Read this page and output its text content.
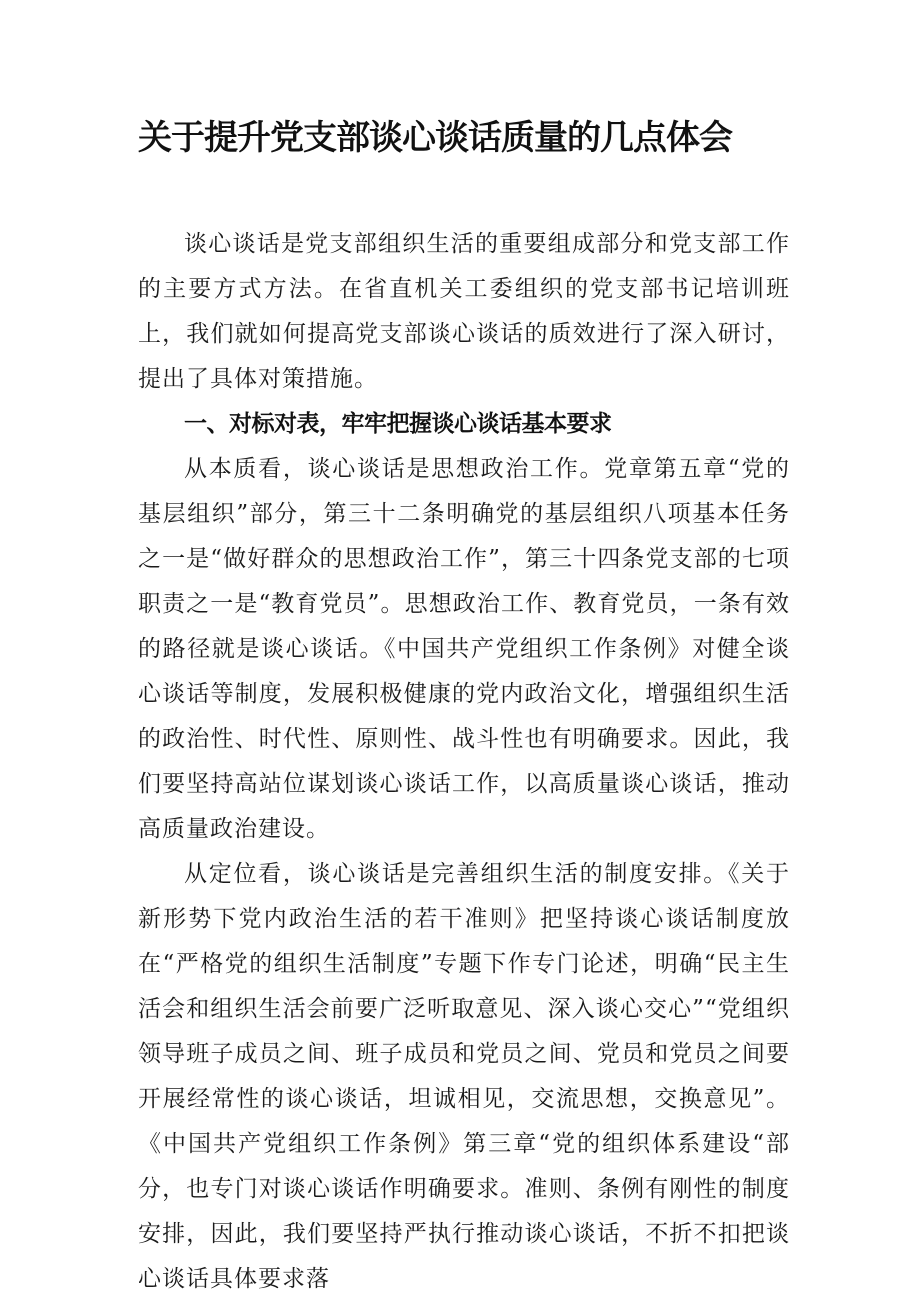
关于提升党支部谈心谈话质量的几点体会

谈心谈话是党支部组织生活的重要组成部分和党支部工作的主要方式方法。在省直机关工委组织的党支部书记培训班上，我们就如何提高党支部谈心谈话的质效进行了深入研讨，提出了具体对策措施。

一、对标对表，牢牢把握谈心谈话基本要求

从本质看，谈心谈话是思想政治工作。党章第五章“党的基层组织”部分，第三十二条明确党的基层组织八项基本任务之一是“做好群众的思想政治工作”，第三十四条党支部的七项职责之一是“教育党员”。思想政治工作、教育党员，一条有效的路径就是谈心谈话。《中国共产党组织工作条例》对健全谈心谈话等制度，发展积极健康的党内政治文化，增强组织生活的政治性、时代性、原则性、战斗性也有明确要求。因此，我们要坚持高站位谋划谈心谈话工作，以高质量谈心谈话，推动高质量政治建设。

从定位看，谈心谈话是完善组织生活的制度安排。《关于新形势下党内政治生活的若干准则》把坚持谈心谈话制度放在“严格党的组织生活制度”专题下作专门论述，明确“民主生活会和组织生活会前要广泛听取意见、深入谈心交心”“党组织领导班子成员之间、班子成员和党员之间、党员和党员之间要开展经常性的谈心谈话，坦诚相见，交流思想，交换意见”。《中国共产党组织工作条例》第三章“党的组织体系建设“部分，也专门对谈心谈话作明确要求。准则、条例有刚性的制度安排，因此，我们要坚持严执行推动谈心谈话，不折不扣把谈心谈话具体要求落
